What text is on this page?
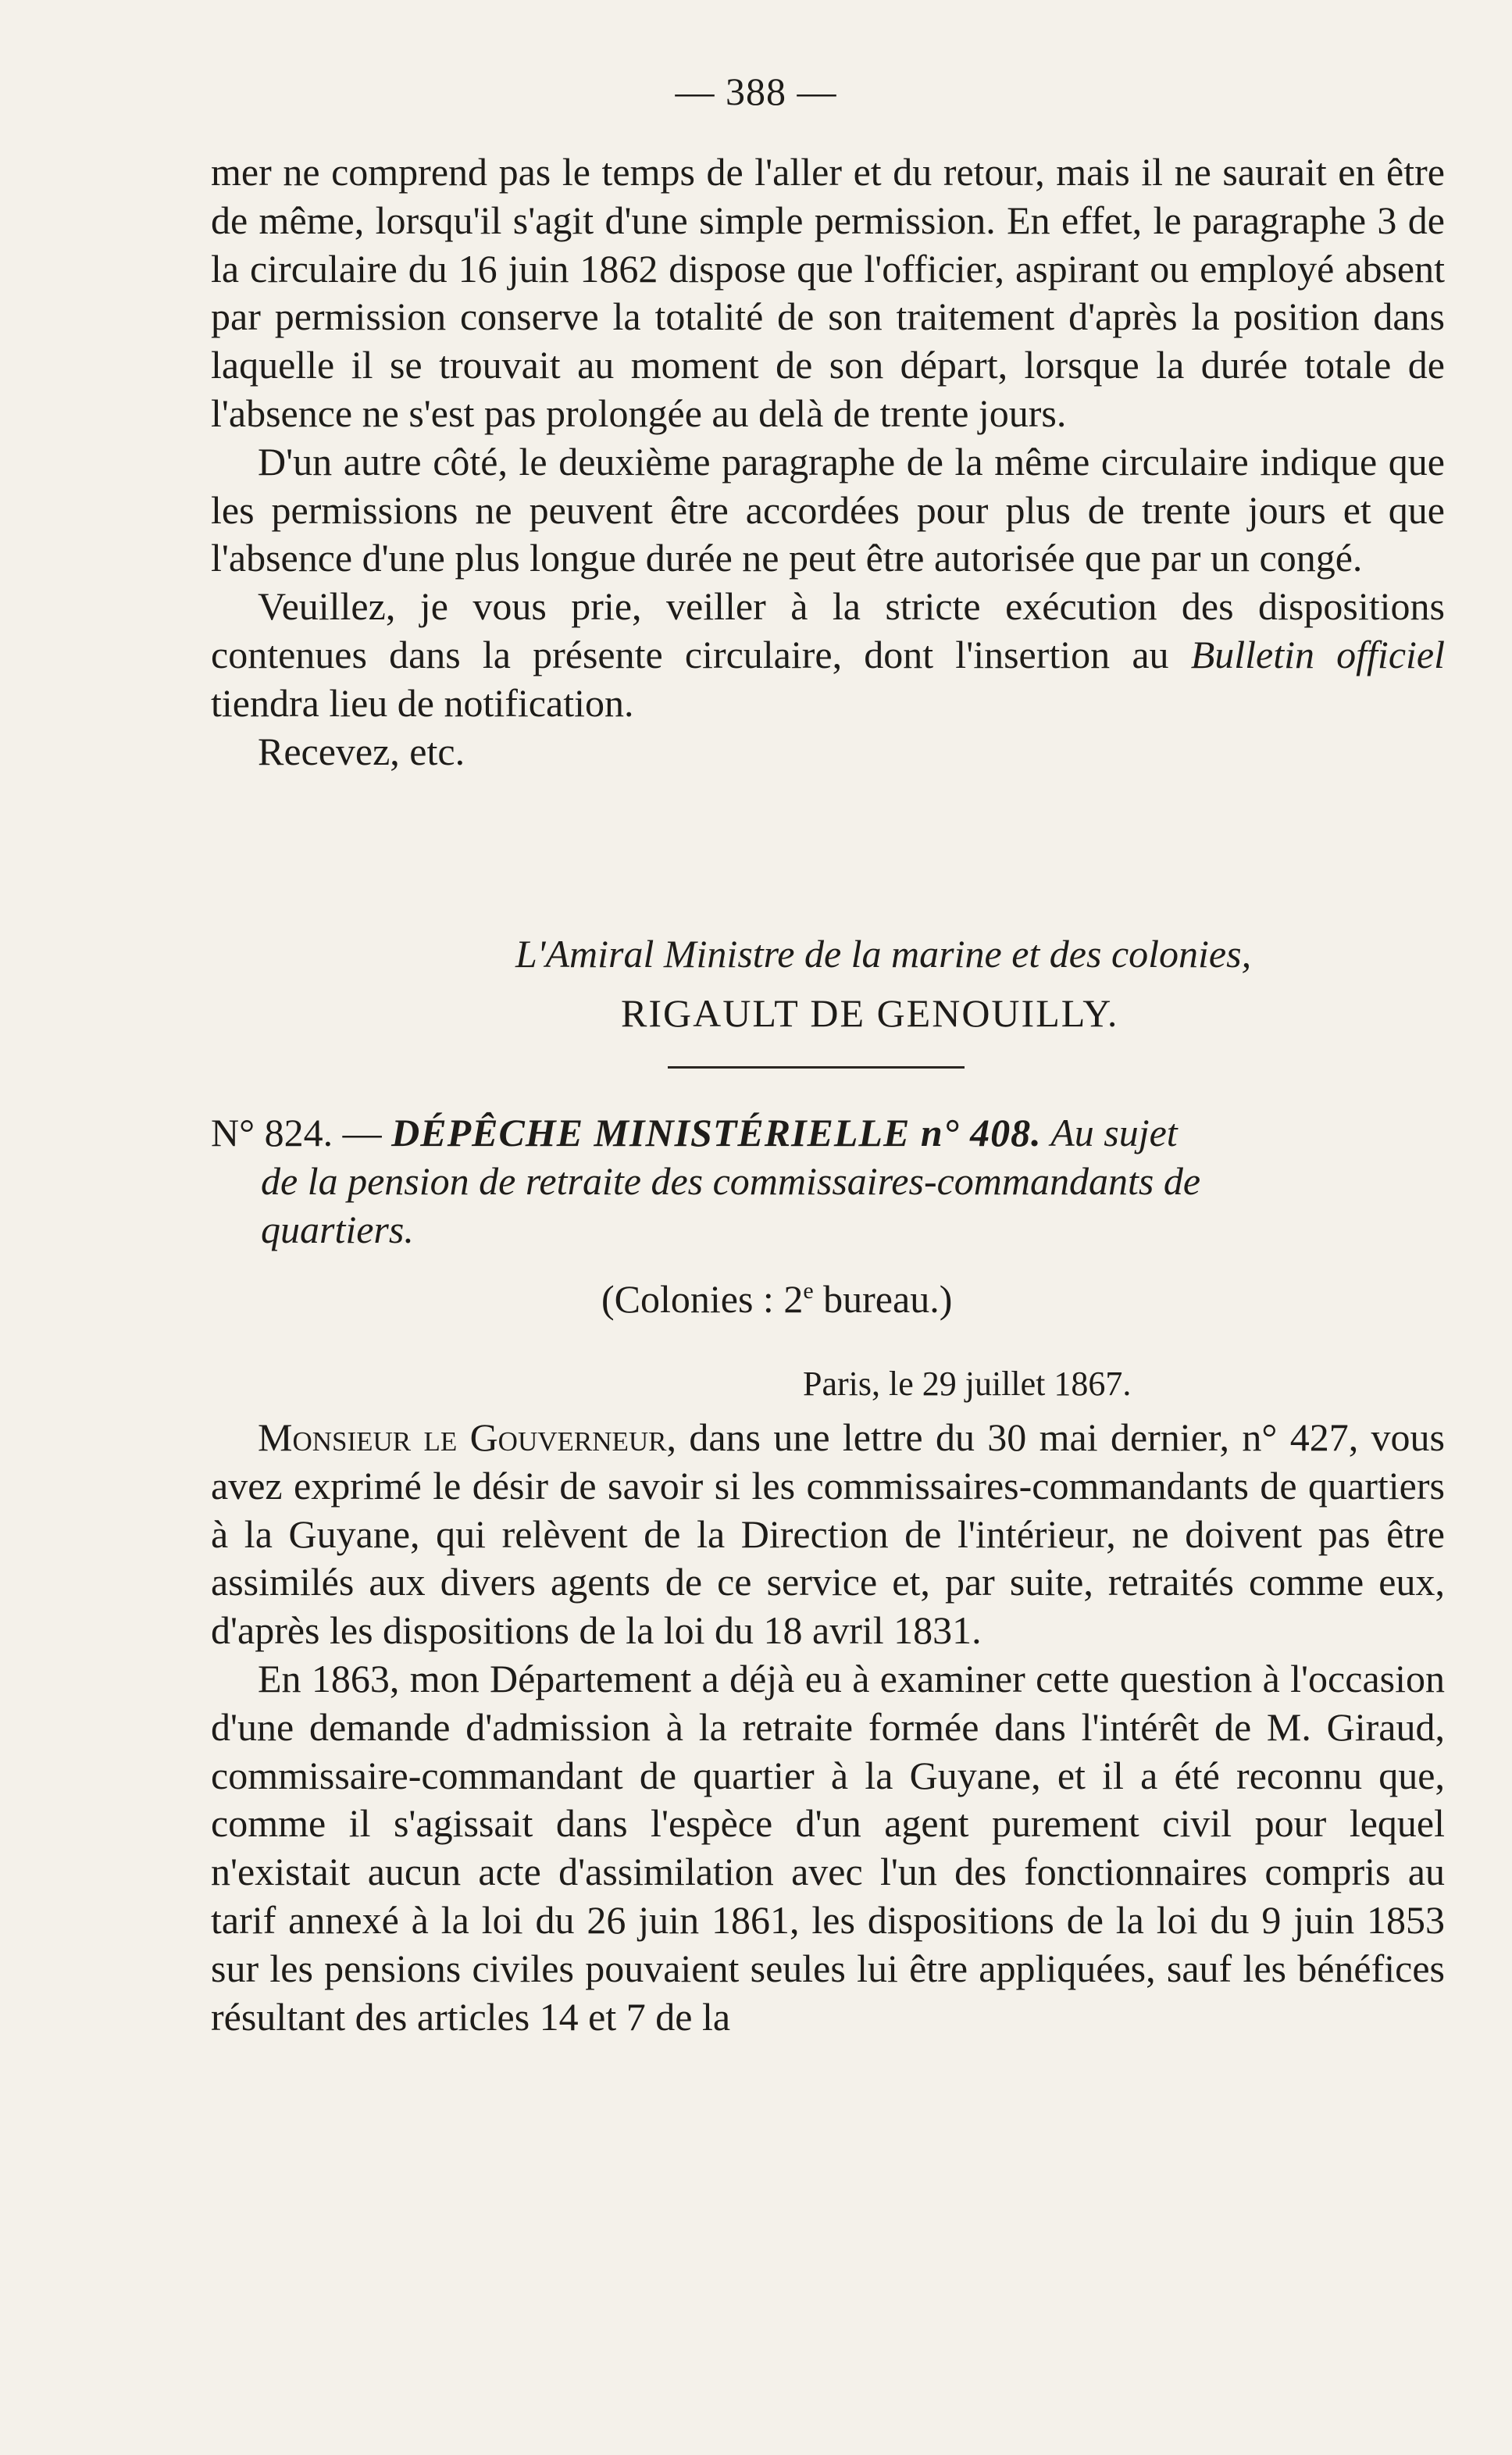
— 388 —

mer ne comprend pas le temps de l'aller et du retour, mais il ne saurait en être de même, lorsqu'il s'agit d'une simple permission. En effet, le paragraphe 3 de la circulaire du 16 juin 1862 dispose que l'officier, aspirant ou employé absent par permission conserve la totalité de son traitement d'après la position dans laquelle il se trouvait au moment de son départ, lorsque la durée totale de l'absence ne s'est pas prolongée au delà de trente jours.

D'un autre côté, le deuxième paragraphe de la même circulaire indique que les permissions ne peuvent être accordées pour plus de trente jours et que l'absence d'une plus longue durée ne peut être autorisée que par un congé.

Veuillez, je vous prie, veiller à la stricte exécution des dispositions contenues dans la présente circulaire, dont l'insertion au Bulletin officiel tiendra lieu de notification.

Recevez, etc.

L'Amiral Ministre de la marine et des colonies,
RIGAULT DE GENOUILLY.
N° 824. — DÉPÊCHE MINISTÉRIELLE n° 408. Au sujet
de la pension de retraite des commissaires-commandants de
quartiers.
(Colonies : 2e bureau.)
Paris, le 29 juillet 1867.

Monsieur le Gouverneur, dans une lettre du 30 mai dernier, n° 427, vous avez exprimé le désir de savoir si les commissaires-commandants de quartiers à la Guyane, qui relèvent de la Direction de l'intérieur, ne doivent pas être assimilés aux divers agents de ce service et, par suite, retraités comme eux, d'après les dispositions de la loi du 18 avril 1831.

En 1863, mon Département a déjà eu à examiner cette question à l'occasion d'une demande d'admission à la retraite formée dans l'intérêt de M. Giraud, commissaire-commandant de quartier à la Guyane, et il a été reconnu que, comme il s'agissait dans l'espèce d'un agent purement civil pour lequel n'existait aucun acte d'assimilation avec l'un des fonctionnaires compris au tarif annexé à la loi du 26 juin 1861, les dispositions de la loi du 9 juin 1853 sur les pensions civiles pouvaient seules lui être appliquées, sauf les bénéfices résultant des articles 14 et 7 de la
